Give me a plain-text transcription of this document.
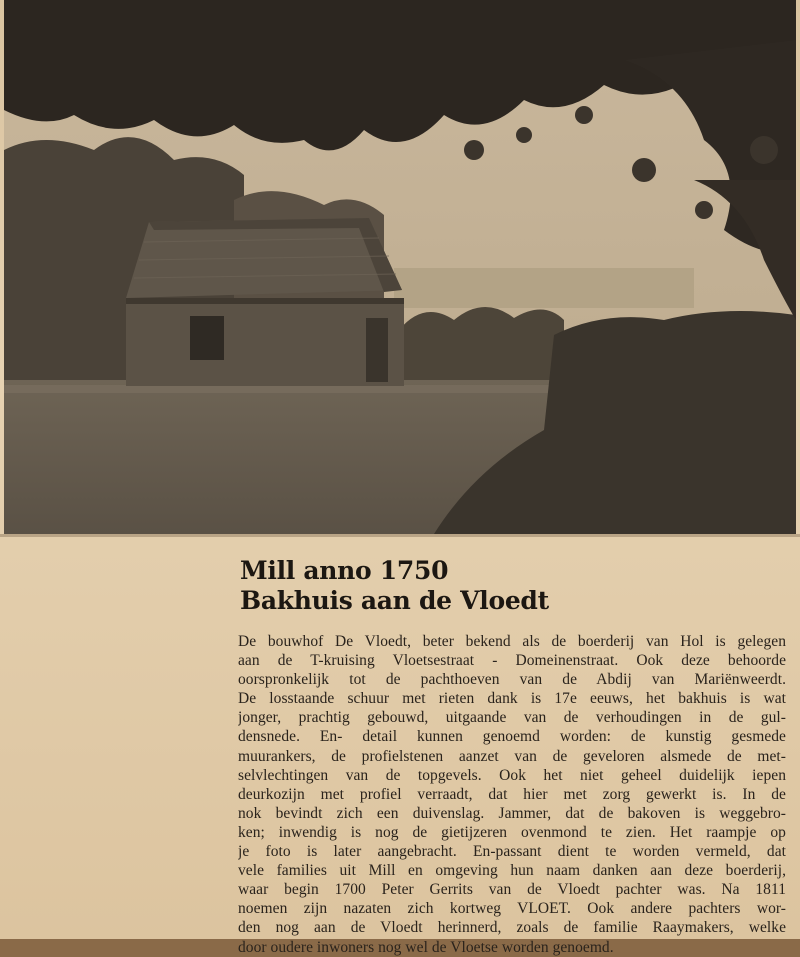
Mill anno 1750
Bakhuis aan de Vloedt
De bouwhof De Vloedt, beter bekend als de boerderij van Hol is gelegen
aan de T-kruising Vloetsestraat - Domeinenstraat. Ook deze behoorde
oorspronkelijk tot de pachthoeven van de Abdij van Mariënweerdt.
De losstaande schuur met rieten dank is 17e eeuws, het bakhuis is wat
jonger, prachtig gebouwd, uitgaande van de verhoudingen in de gul-
densnede. En- detail kunnen genoemd worden: de kunstig gesmede
muurankers, de profielstenen aanzet van de geveloren alsmede de met-
selvlechtingen van de topgevels. Ook het niet geheel duidelijk iepen
deurkozijn met profiel verraadt, dat hier met zorg gewerkt is. In de
nok bevindt zich een duivenslag. Jammer, dat de bakoven is weggebro-
ken; inwendig is nog de gietijzeren ovenmond te zien. Het raampje op
je foto is later aangebracht. En-passant dient te worden vermeld, dat
vele families uit Mill en omgeving hun naam danken aan deze boerderij,
waar begin 1700 Peter Gerrits van de Vloedt pachter was. Na 1811
noemen zijn nazaten zich kortweg VLOET. Ook andere pachters wor-
den nog aan de Vloedt herinnerd, zoals de familie Raaymakers, welke
door oudere inwoners nog wel de Vloetse worden genoemd.
